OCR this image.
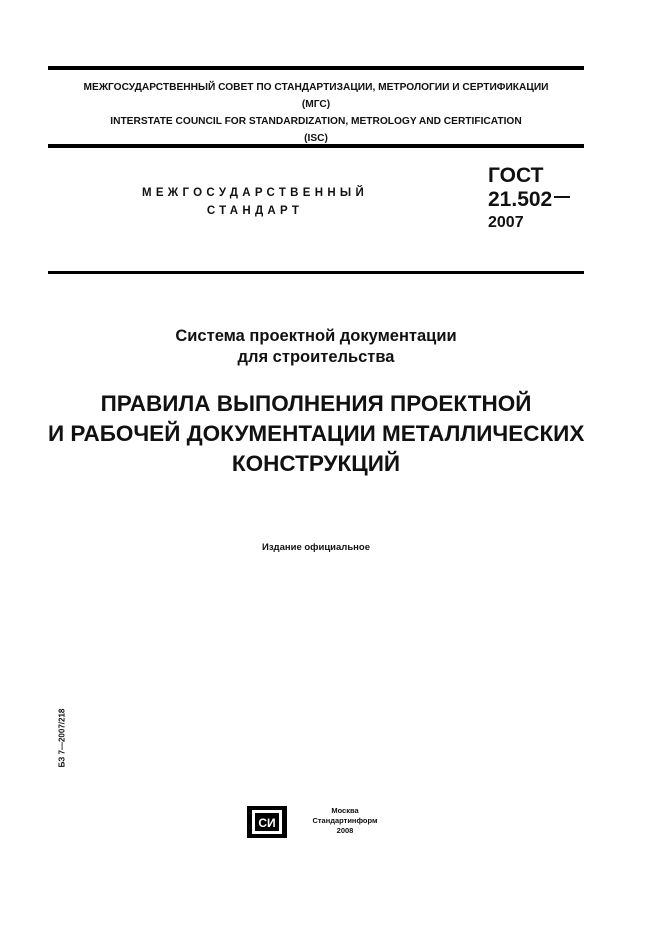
МЕЖГОСУДАРСТВЕННЫЙ СОВЕТ ПО СТАНДАРТИЗАЦИИ, МЕТРОЛОГИИ И СЕРТИФИКАЦИИ
(МГС)
INTERSTATE COUNCIL FOR STANDARDIZATION, METROLOGY AND CERTIFICATION
(ISC)
МЕЖГОСУДАРСТВЕННЫЙ
СТАНДАРТ
ГОСТ
21.502
2007
Система проектной документации
для строительства
ПРАВИЛА ВЫПОЛНЕНИЯ ПРОЕКТНОЙ
И РАБОЧЕЙ ДОКУМЕНТАЦИИ МЕТАЛЛИЧЕСКИХ
КОНСТРУКЦИЙ
Издание официальное
БЗ 7—2007/218
СИ
Москва
Стандартинформ
2008
